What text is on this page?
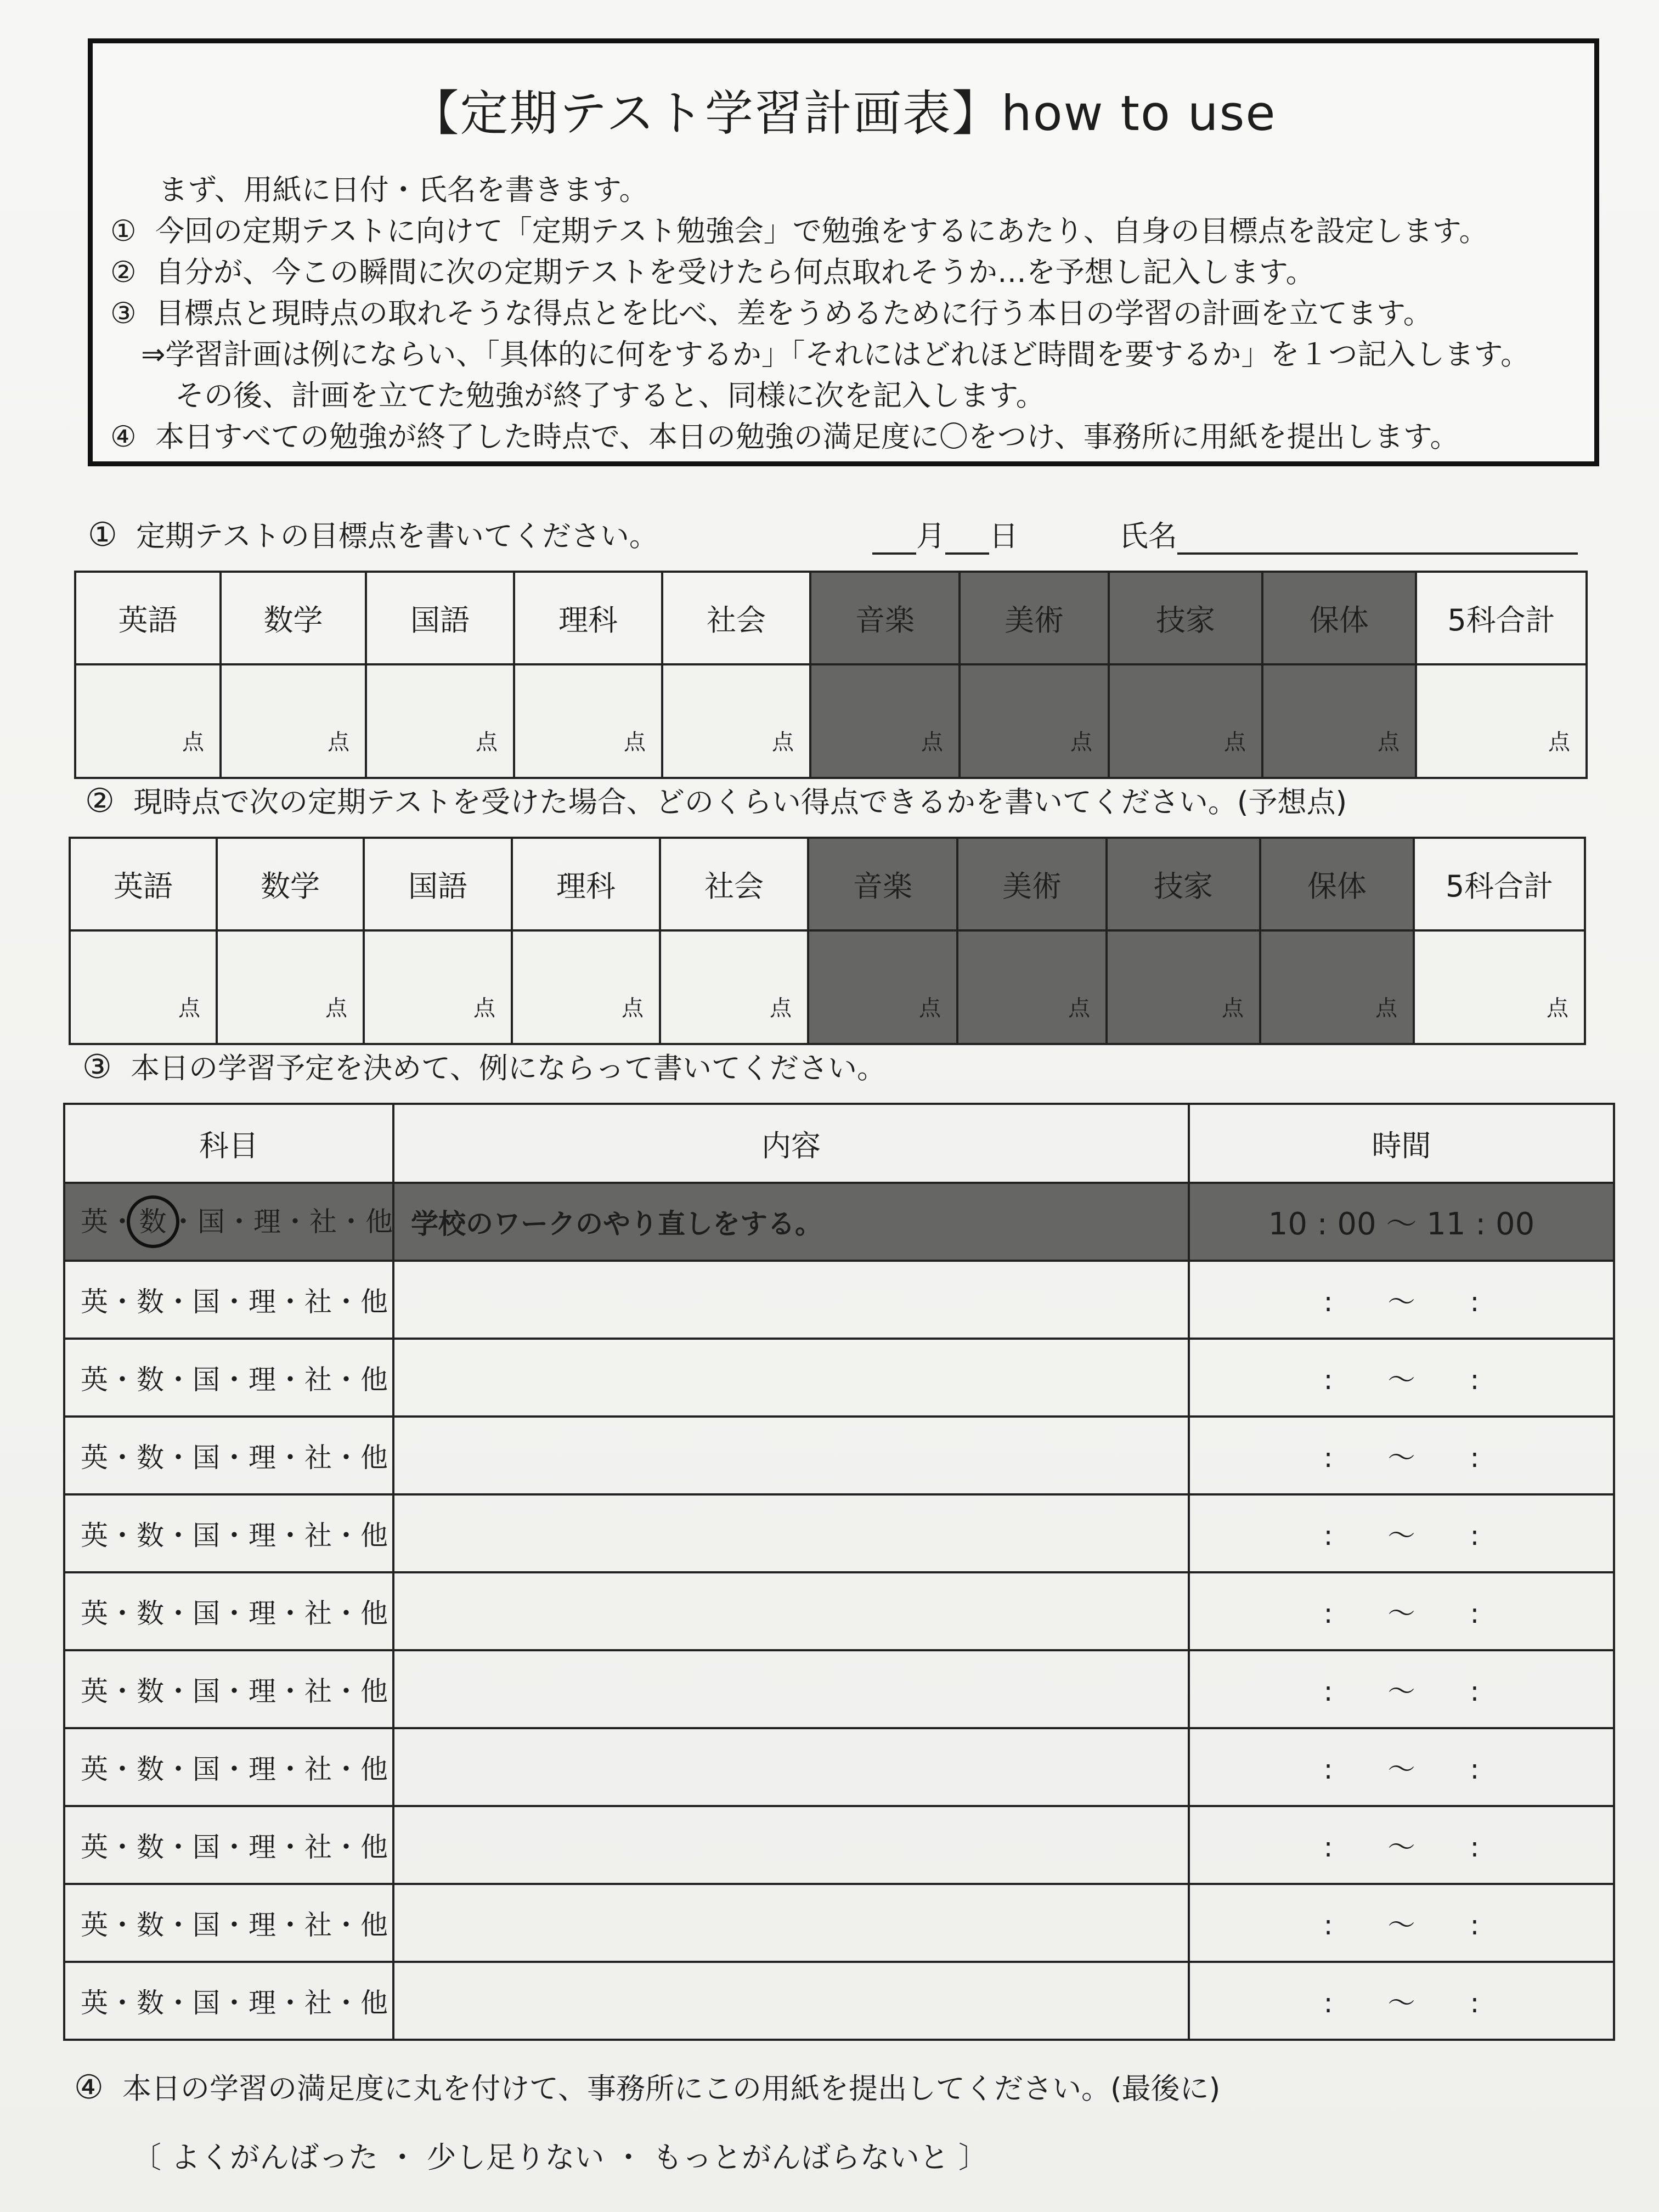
【定期テスト学習計画表】how to use
まず、用紙に日付・氏名を書きます。
① 今回の定期テストに向けて「定期テスト勉強会」で勉強をするにあたり、自身の目標点を設定します。
② 自分が、今この瞬間に次の定期テストを受けたら何点取れそうか…を予想し記入します。
③ 目標点と現時点の取れそうな得点とを比べ、差をうめるために行う本日の学習の計画を立てます。
⇒学習計画は例にならい、「具体的に何をするか」「それにはどれほど時間を要するか」を１つ記入します。
その後、計画を立てた勉強が終了すると、同様に次を記入します。
④ 本日すべての勉強が終了した時点で、本日の勉強の満足度に〇をつけ、事務所に用紙を提出します。
① 定期テストの目標点を書いてください。	月 日	氏名
英語	数学	国語	理科	社会	音楽	美術	技家	保体	5科合計
点	点	点	点	点	点	点	点	点	点
② 現時点で次の定期テストを受けた場合、どのくらい得点できるかを書いてください。(予想点)
英語	数学	国語	理科	社会	音楽	美術	技家	保体	5科合計
点	点	点	点	点	点	点	点	点	点
③ 本日の学習予定を決めて、例にならって書いてください。
科目	内容	時間
英・数・国・理・社・他	学校のワークのやり直しをする。	10 : 00 ～ 11 : 00
英・数・国・理・社・他		:　　～　　:
英・数・国・理・社・他		:　　～　　:
英・数・国・理・社・他		:　　～　　:
英・数・国・理・社・他		:　　～　　:
英・数・国・理・社・他		:　　～　　:
英・数・国・理・社・他		:　　～　　:
英・数・国・理・社・他		:　　～　　:
英・数・国・理・社・他		:　　～　　:
英・数・国・理・社・他		:　　～　　:
英・数・国・理・社・他		:　　～　　:
④ 本日の学習の満足度に丸を付けて、事務所にこの用紙を提出してください。(最後に)
〔 よくがんばった ・ 少し足りない ・ もっとがんばらないと 〕
